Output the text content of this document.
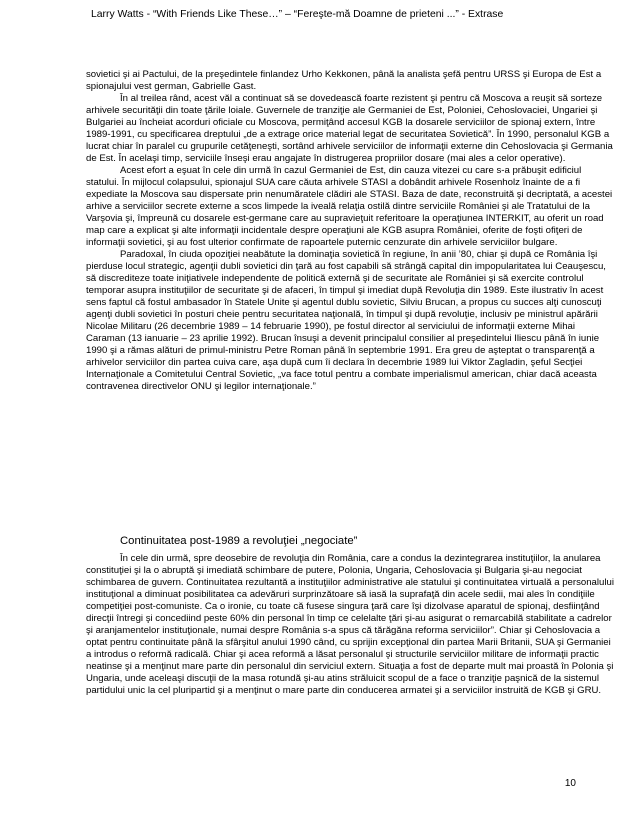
Larry Watts - “With Friends Like These…” – “Fereşte-mă Doamne de prieteni ...” - Extrase

sovietici şi ai Pactului, de la preşedintele finlandez Urho Kekkonen, până la analista şefă pentru URSS şi Europa de Est a spionajului vest german, Gabrielle Gast.

În al treilea rând, acest văl a continuat să se dovedească foarte rezistent şi pentru că Moscova a reuşit să sorteze arhivele securităţii din toate ţările loiale. Guvernele de tranziţie ale Germaniei de Est, Poloniei, Cehoslovaciei, Ungariei şi Bulgariei au încheiat acorduri oficiale cu Moscova, permiţând accesul KGB la dosarele serviciilor de spionaj extern, între 1989-1991, cu specificarea dreptului „de a extrage orice material legat de securitatea Sovietică”. În 1990, personalul KGB a lucrat chiar în paralel cu grupurile cetăţeneşti, sortând arhivele serviciilor de informaţii externe din Cehoslovacia şi Germania de Est. În acelaşi timp, serviciile înseşi erau angajate în distrugerea propriilor dosare (mai ales a celor operative).

Acest efort a eşuat în cele din urmă în cazul Germaniei de Est, din cauza vitezei cu care s-a prăbuşit edificiul statului. În mijlocul colapsului, spionajul SUA care căuta arhivele STASI a dobândit arhivele Rosenholz înainte de a fi expediate la Moscova sau dispersate prin nenumăratele clădiri ale STASI. Baza de date, reconstruită şi decriptată, a acestei arhive a serviciilor secrete externe a scos limpede la iveală relaţia ostilă dintre serviciile României şi ale Tratatului de la Varşovia şi, împreună cu dosarele est-germane care au supravieţuit referitoare la operaţiunea INTERKIT, au oferit un road map care a explicat şi alte informaţii incidentale despre operaţiuni ale KGB asupra României, oferite de foşti ofiţeri de informaţii sovietici, şi au fost ulterior confirmate de rapoartele puternic cenzurate din arhivele serviciilor bulgare.

Paradoxal, în ciuda opoziţiei neabătute la dominaţia sovietică în regiune, în anii ’80, chiar şi după ce România îşi pierduse locul strategic, agenţii dubli sovietici din ţară au fost capabili să strângă capital din impopularitatea lui Ceauşescu, să discrediteze toate iniţiativele independente de politică externă şi de securitate ale României şi să exercite controlul temporar asupra instituţiilor de securitate şi de afaceri, în timpul şi imediat după Revoluţia din 1989. Este ilustrativ în acest sens faptul că fostul ambasador în Statele Unite şi agentul dublu sovietic, Silviu Brucan, a propus cu succes alţi cunoscuţi agenţi dubli sovietici în posturi cheie pentru securitatea naţională, în timpul şi după revoluţie, inclusiv pe ministrul apărării Nicolae Militaru (26 decembrie 1989 – 14 februarie 1990), pe fostul director al serviciului de informaţii externe Mihai Caraman (13 ianuarie – 23 aprilie 1992). Brucan însuşi a devenit principalul consilier al preşedintelui Iliescu până în iunie 1990 şi a rămas alături de primul-ministru Petre Roman până în septembrie 1991. Era greu de aşteptat o transparenţă a arhivelor serviciilor din partea cuiva care, aşa după cum îi declara în decembrie 1989 lui Viktor Zagladin, şeful Secţiei Internaţionale a Comitetului Central Sovietic, „va face totul pentru a combate imperialismul american, chiar dacă aceasta contravenea directivelor ONU şi legilor internaţionale.”

Continuitatea post-1989 a revoluţiei „negociate”

În cele din urmă, spre deosebire de revoluţia din România, care a condus la dezintegrarea instituţiilor, la anularea constituţiei şi la o abruptă şi imediată schimbare de putere, Polonia, Ungaria, Cehoslovacia şi Bulgaria şi-au negociat schimbarea de guvern. Continuitatea rezultantă a instituţiilor administrative ale statului şi continuitatea virtuală a personalului instituţional a diminuat posibilitatea ca adevăruri surprinzătoare să iasă la suprafaţă din acele sedii, mai ales în condiţiile competiţiei post-comuniste. Ca o ironie, cu toate că fusese singura ţară care îşi dizolvase aparatul de spionaj, desfiinţând direcţii întregi şi concediind peste 60% din personal în timp ce celelalte ţări şi-au asigurat o remarcabilă stabilitate a cadrelor şi aranjamentelor instituţionale, numai despre România s-a spus că tărăgăna reforma serviciilor”. Chiar şi Cehoslovacia a optat pentru continuitate până la sfârşitul anului 1990 când, cu sprijin excepţional din partea Marii Britanii, SUA şi Germaniei a introdus o reformă radicală. Chiar şi acea reformă a lăsat personalul şi structurile serviciilor militare de informaţii practic neatinse şi a menţinut mare parte din personalul din serviciul extern. Situaţia a fost de departe mult mai proastă în Polonia şi Ungaria, unde aceleaşi discuţii de la masa rotundă şi-au atins străluicit scopul de a face o tranziţie paşnică de la sistemul partidului unic la cel pluripartid şi a menţinut o mare parte din conducerea armatei şi a serviciilor instruită de KGB şi GRU.

10
